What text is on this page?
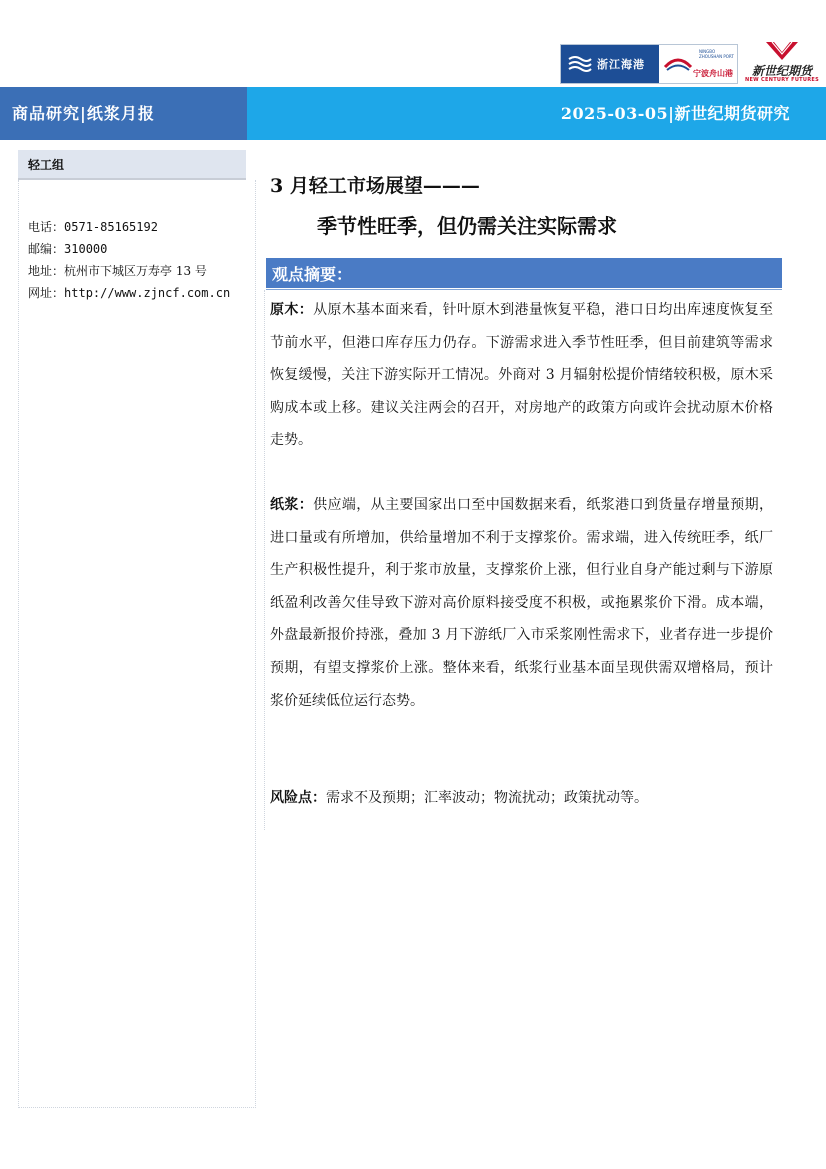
浙江海港
NINGBO ZHOUSHAN PORT
宁波舟山港	新世纪期货
NEW CENTURY FUTURES
商品研究|纸浆月报	2025-03-05|新世纪期货研究
轻工组
电话：0571-85165192
邮编：310000
地址：杭州市下城区万寿亭 13 号
网址：http://www.zjncf.com.cn
3 月轻工市场展望———
季节性旺季，但仍需关注实际需求
观点摘要：
原木：从原木基本面来看，针叶原木到港量恢复平稳，港口日均出库速度恢复至节前水平，但港口库存压力仍存。下游需求进入季节性旺季，但目前建筑等需求恢复缓慢，关注下游实际开工情况。外商对 3 月辐射松提价情绪较积极，原木采购成本或上移。建议关注两会的召开，对房地产的政策方向或许会扰动原木价格走势。
纸浆：供应端，从主要国家出口至中国数据来看，纸浆港口到货量存增量预期，进口量或有所增加，供给量增加不利于支撑浆价。需求端，进入传统旺季，纸厂生产积极性提升，利于浆市放量，支撑浆价上涨，但行业自身产能过剩与下游原纸盈利改善欠佳导致下游对高价原料接受度不积极，或拖累浆价下滑。成本端，外盘最新报价持涨，叠加 3 月下游纸厂入市采浆刚性需求下，业者存进一步提价预期，有望支撑浆价上涨。整体来看，纸浆行业基本面呈现供需双增格局，预计浆价延续低位运行态势。
风险点：需求不及预期；汇率波动；物流扰动；政策扰动等。
